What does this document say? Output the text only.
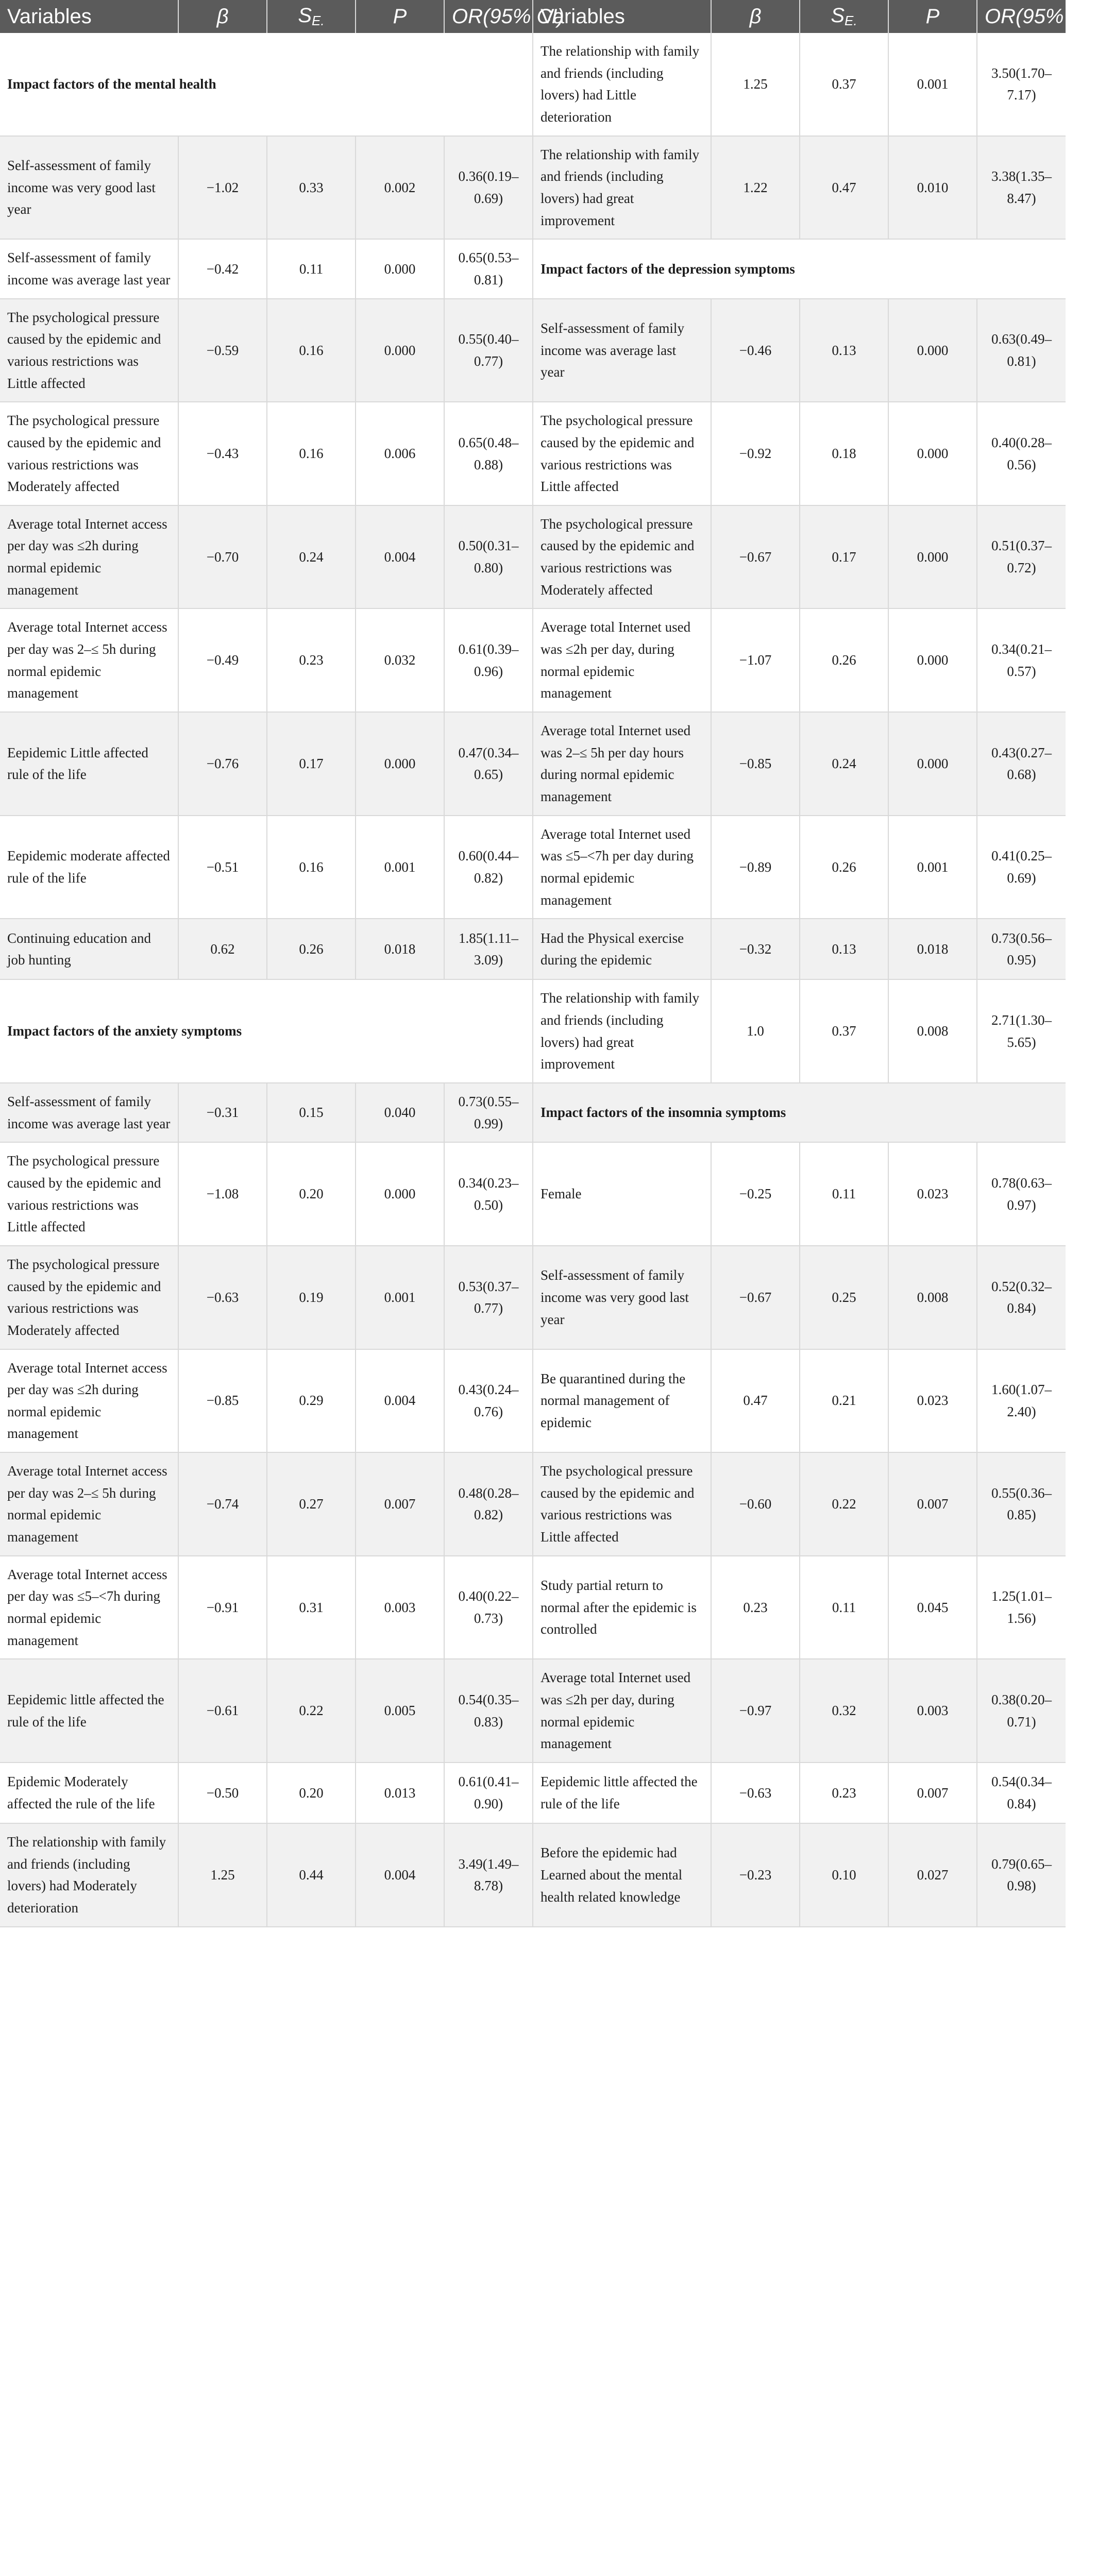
Variables	β	$S_{E.}$	P	OR(95% CI)	Variables	β	$S_{E.}$	P	OR(95% CI)
Impact factors of the mental health					The relationship with family and friends (including lovers) had Little deterioration	1.25	0.37	0.001	3.50(1.70–7.17)
Self-assessment of family income was very good last year	−1.02	0.33	0.002	0.36(0.19–0.69)	The relationship with family and friends (including lovers) had great improvement	1.22	0.47	0.010	3.38(1.35–8.47)
Self-assessment of family income was average last year	−0.42	0.11	0.000	0.65(0.53–0.81)	Impact factors of the depression symptoms				
The psychological pressure caused by the epidemic and various restrictions was Little affected	−0.59	0.16	0.000	0.55(0.40–0.77)	Self-assessment of family income was average last year	−0.46	0.13	0.000	0.63(0.49–0.81)
The psychological pressure caused by the epidemic and various restrictions was Moderately affected	−0.43	0.16	0.006	0.65(0.48–0.88)	The psychological pressure caused by the epidemic and various restrictions was Little affected	−0.92	0.18	0.000	0.40(0.28–0.56)
Average total Internet access per day was ≤2h during normal epidemic management	−0.70	0.24	0.004	0.50(0.31–0.80)	The psychological pressure caused by the epidemic and various restrictions was Moderately affected	−0.67	0.17	0.000	0.51(0.37–0.72)
Average total Internet access per day was 2–≤ 5h during normal epidemic management	−0.49	0.23	0.032	0.61(0.39–0.96)	Average total Internet used was ≤2h per day, during normal epidemic management	−1.07	0.26	0.000	0.34(0.21–0.57)
Eepidemic Little affected rule of the life	−0.76	0.17	0.000	0.47(0.34–0.65)	Average total Internet used was 2–≤ 5h per day hours during normal epidemic management	−0.85	0.24	0.000	0.43(0.27–0.68)
Eepidemic moderate affected rule of the life	−0.51	0.16	0.001	0.60(0.44–0.82)	Average total Internet used was ≤5–<7h per day during normal epidemic management	−0.89	0.26	0.001	0.41(0.25–0.69)
Continuing education and job hunting	0.62	0.26	0.018	1.85(1.11–3.09)	Had the Physical exercise during the epidemic	−0.32	0.13	0.018	0.73(0.56–0.95)
Impact factors of the anxiety symptoms					The relationship with family and friends (including lovers) had great improvement	1.0	0.37	0.008	2.71(1.30–5.65)
Self-assessment of family income was average last year	−0.31	0.15	0.040	0.73(0.55–0.99)	Impact factors of the insomnia symptoms				
The psychological pressure caused by the epidemic and various restrictions was Little affected	−1.08	0.20	0.000	0.34(0.23–0.50)	Female	−0.25	0.11	0.023	0.78(0.63–0.97)
The psychological pressure caused by the epidemic and various restrictions was Moderately affected	−0.63	0.19	0.001	0.53(0.37–0.77)	Self-assessment of family income was very good last year	−0.67	0.25	0.008	0.52(0.32–0.84)
Average total Internet access per day was ≤2h during normal epidemic management	−0.85	0.29	0.004	0.43(0.24–0.76)	Be quarantined during the normal management of epidemic	0.47	0.21	0.023	1.60(1.07–2.40)
Average total Internet access per day was 2–≤ 5h during normal epidemic management	−0.74	0.27	0.007	0.48(0.28–0.82)	The psychological pressure caused by the epidemic and various restrictions was Little affected	−0.60	0.22	0.007	0.55(0.36–0.85)
Average total Internet access per day was ≤5–<7h during normal epidemic management	−0.91	0.31	0.003	0.40(0.22–0.73)	Study partial return to normal after the epidemic is controlled	0.23	0.11	0.045	1.25(1.01–1.56)
Eepidemic little affected the rule of the life	−0.61	0.22	0.005	0.54(0.35–0.83)	Average total Internet used was ≤2h per day, during normal epidemic management	−0.97	0.32	0.003	0.38(0.20–0.71)
Epidemic Moderately affected the rule of the life	−0.50	0.20	0.013	0.61(0.41–0.90)	Eepidemic little affected the rule of the life	−0.63	0.23	0.007	0.54(0.34–0.84)
The relationship with family and friends (including lovers) had Moderately deterioration	1.25	0.44	0.004	3.49(1.49–8.78)	Before the epidemic had Learned about the mental health related knowledge	−0.23	0.10	0.027	0.79(0.65–0.98)
